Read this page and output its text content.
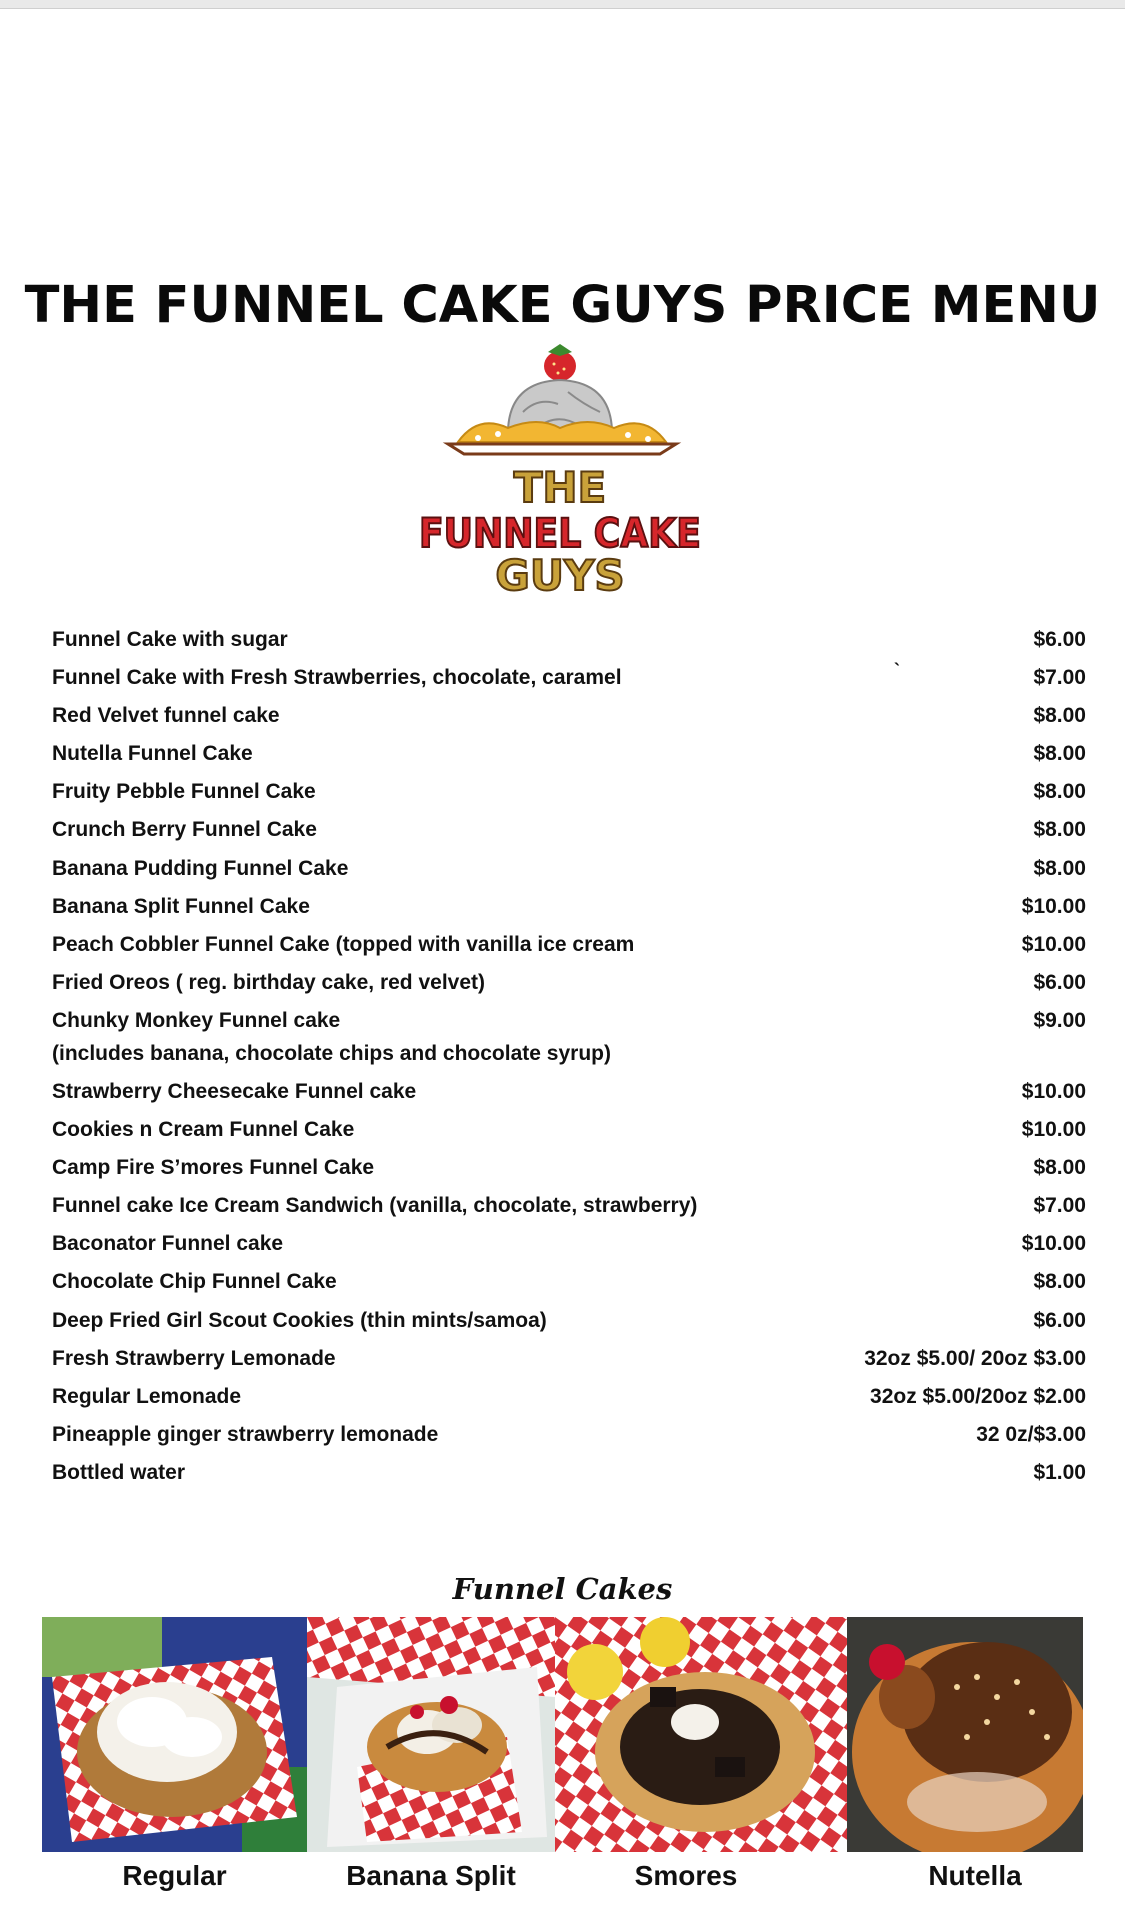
THE FUNNEL CAKE GUYS PRICE MENU
THE
FUNNEL CAKE
GUYS
Funnel Cake with sugar	$6.00
Funnel Cake with Fresh Strawberries, chocolate, caramel	`	$7.00
Red Velvet funnel cake	$8.00
Nutella Funnel Cake	$8.00
Fruity Pebble Funnel Cake	$8.00
Crunch Berry Funnel Cake	$8.00
Banana Pudding Funnel Cake	$8.00
Banana Split Funnel Cake	$10.00
Peach Cobbler Funnel Cake (topped with vanilla ice cream	$10.00
Fried Oreos ( reg. birthday cake, red velvet)	$6.00
Chunky Monkey Funnel cake	$9.00
(includes banana, chocolate chips and chocolate syrup)
Strawberry Cheesecake Funnel cake	$10.00
Cookies n Cream Funnel Cake	$10.00
Camp Fire S’mores Funnel Cake	$8.00
Funnel cake Ice Cream Sandwich (vanilla, chocolate, strawberry)	$7.00
Baconator Funnel cake	$10.00
Chocolate Chip Funnel Cake	$8.00
Deep Fried Girl Scout Cookies (thin mints/samoa)	$6.00
Fresh Strawberry Lemonade	32oz $5.00/ 20oz $3.00
Regular Lemonade	32oz $5.00/20oz $2.00
Pineapple ginger strawberry lemonade	32 0z/$3.00
Bottled water	$1.00
Funnel Cakes
Regular	Banana Split	Smores	Nutella
